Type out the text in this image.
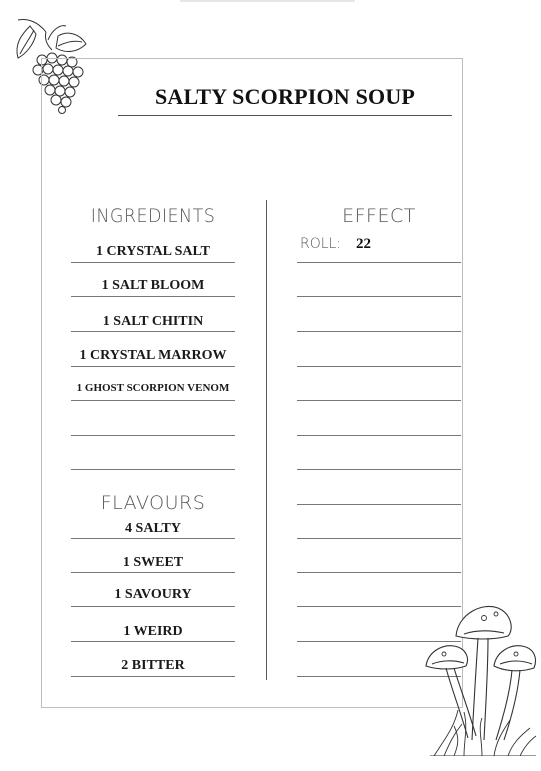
SALTY SCORPION SOUP
INGREDIENTS
1 CRYSTAL SALT
1 SALT BLOOM
1 SALT CHITIN
1 CRYSTAL MARROW
1 GHOST SCORPION VENOM
FLAVOURS
4 SALTY
1 SWEET
1 SAVOURY
1 WEIRD
2 BITTER
EFFECT
ROLL: 22
